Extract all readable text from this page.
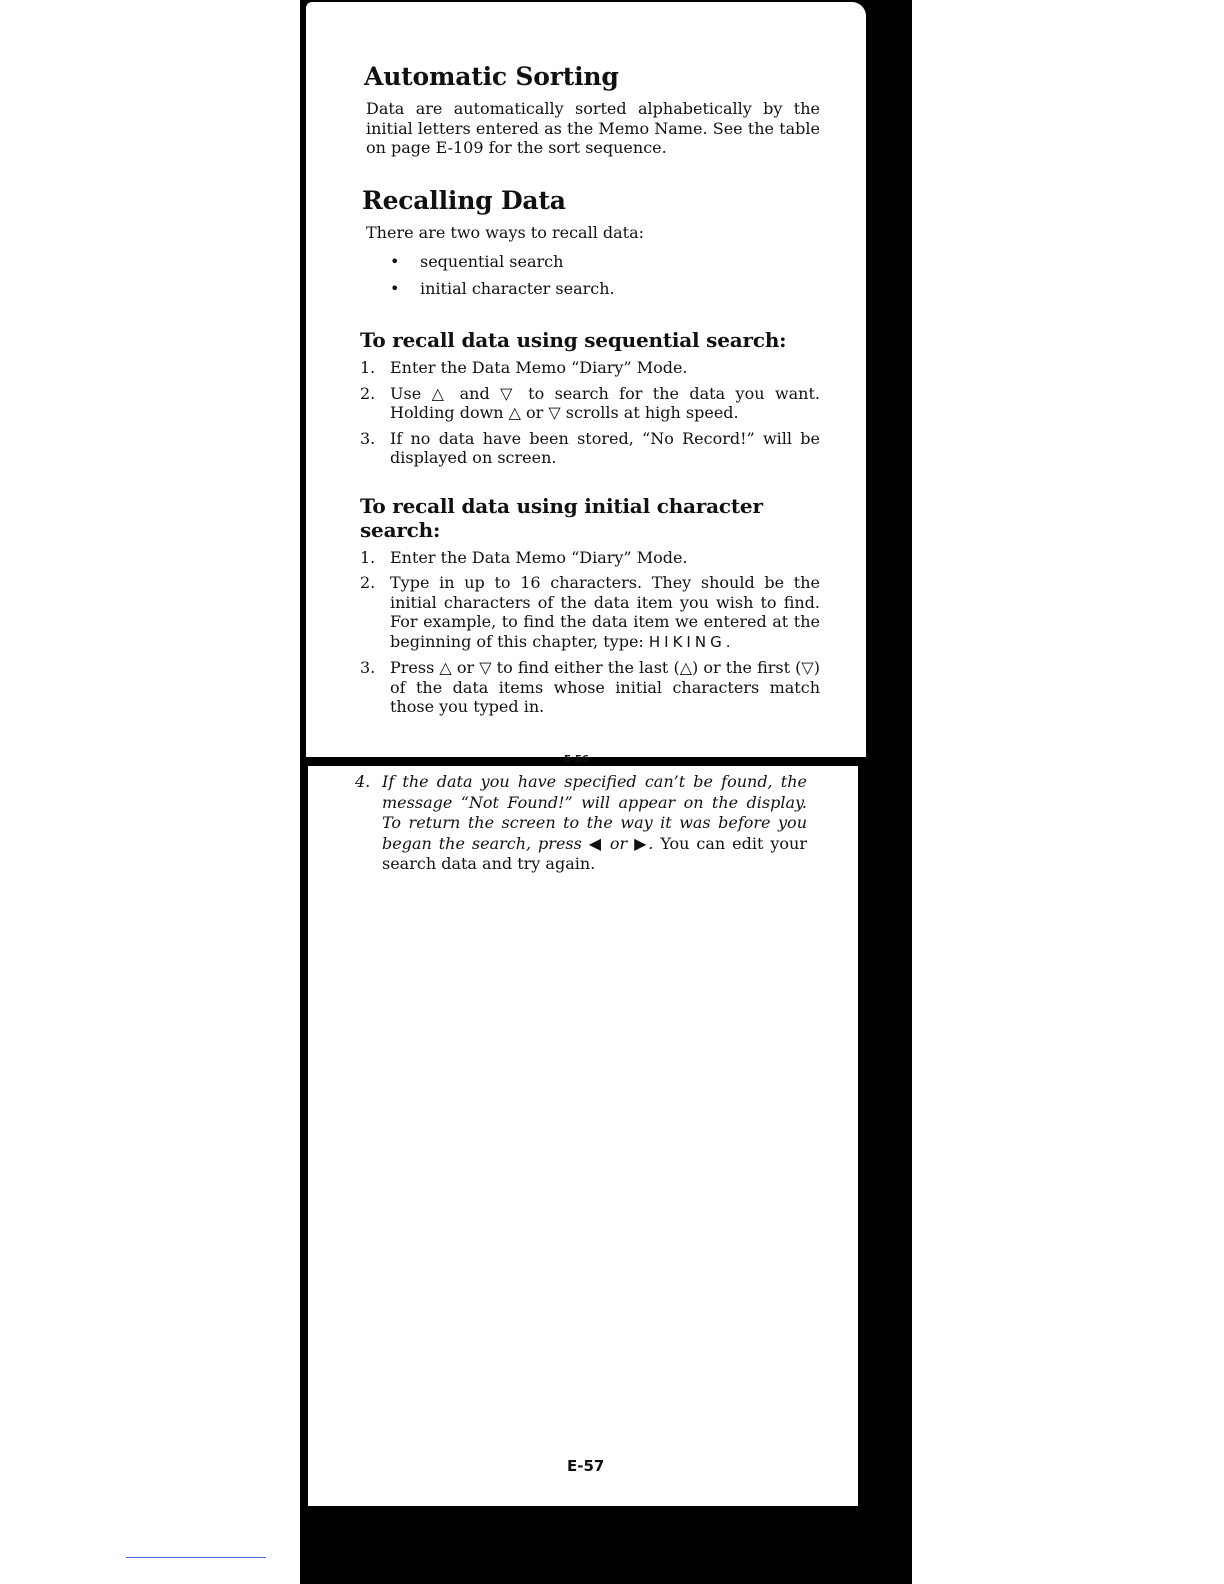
E-56
Automatic Sorting

Data are automatically sorted alphabetically by the initial letters entered as the Memo Name. See the table on page E-109 for the sort sequence.

Recalling Data

There are two ways to recall data:

• sequential search
• initial character search.
To recall data using sequential search:
1. Enter the Data Memo “Diary” Mode.
2. Use △ and ▽ to search for the data you want. Holding down △ or ▽ scrolls at high speed.
3. If no data have been stored, “No Record!” will be displayed on screen.
To recall data using initial character search:
1. Enter the Data Memo “Diary” Mode.
2. Type in up to 16 characters. They should be the initial characters of the data item you wish to find. For example, to find the data item we entered at the beginning of this chapter, type: HIKING.
3. Press △ or ▽ to find either the last (△) or the first (▽) of the data items whose initial characters match those you typed in.
4. If the data you have specified can’t be found, the message “Not Found!” will appear on the display. To return the screen to the way it was before you began the search, press ◀ or ▶. You can edit your search data and try again.

E-57
